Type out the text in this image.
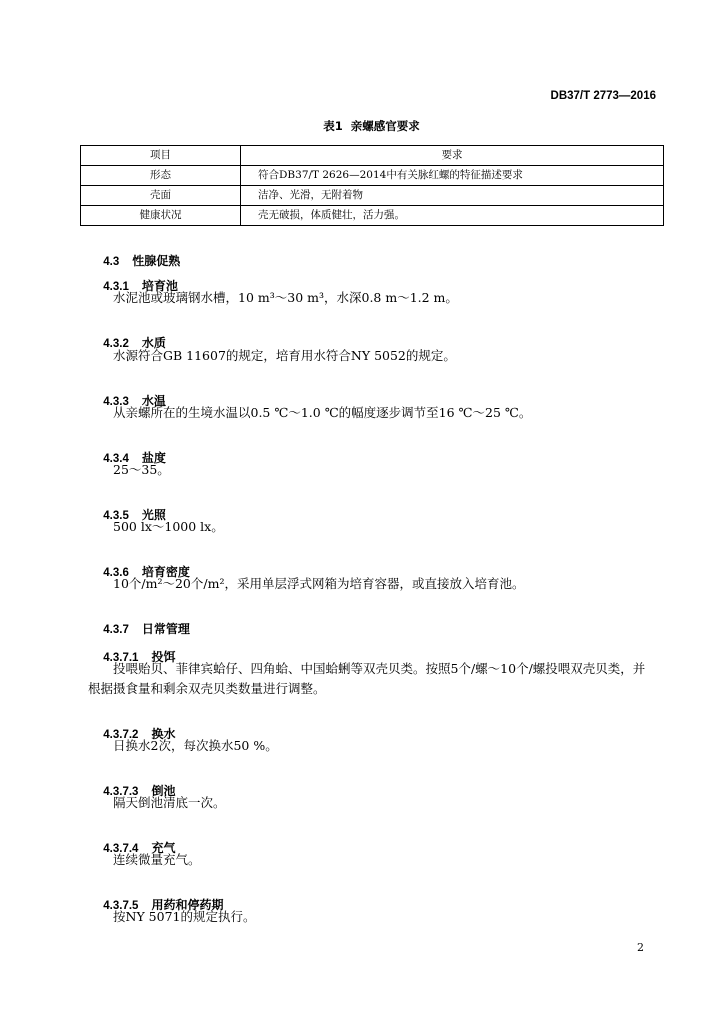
DB37/T 2773—2016
表1  亲螺感官要求
项目	要求
形态	符合DB37/T 2626—2014中有关脉红螺的特征描述要求
壳面	洁净、光滑，无附着物
健康状况	壳无破损，体质健壮，活力强。

4.3 性腺促熟

4.3.1 培育池

水泥池或玻璃钢水槽，10 m³～30 m³，水深0.8 m～1.2 m。

4.3.2 水质

水源符合GB 11607的规定，培育用水符合NY 5052的规定。

4.3.3 水温

从亲螺所在的生境水温以0.5 ℃～1.0 ℃的幅度逐步调节至16 ℃～25 ℃。

4.3.4 盐度

25～35。

4.3.5 光照

500 lx～1000 lx。

4.3.6 培育密度

10个/m²～20个/m²，采用单层浮式网箱为培育容器，或直接放入培育池。

4.3.7 日常管理

4.3.7.1 投饵

投喂贻贝、菲律宾蛤仔、四角蛤、中国蛤蜊等双壳贝类。按照5个/螺～10个/螺投喂双壳贝类，并
根据摄食量和剩余双壳贝类数量进行调整。

4.3.7.2 换水

日换水2次，每次换水50 %。

4.3.7.3 倒池

隔天倒池清底一次。

4.3.7.4 充气

连续微量充气。

4.3.7.5 用药和停药期

按NY 5071的规定执行。
2
